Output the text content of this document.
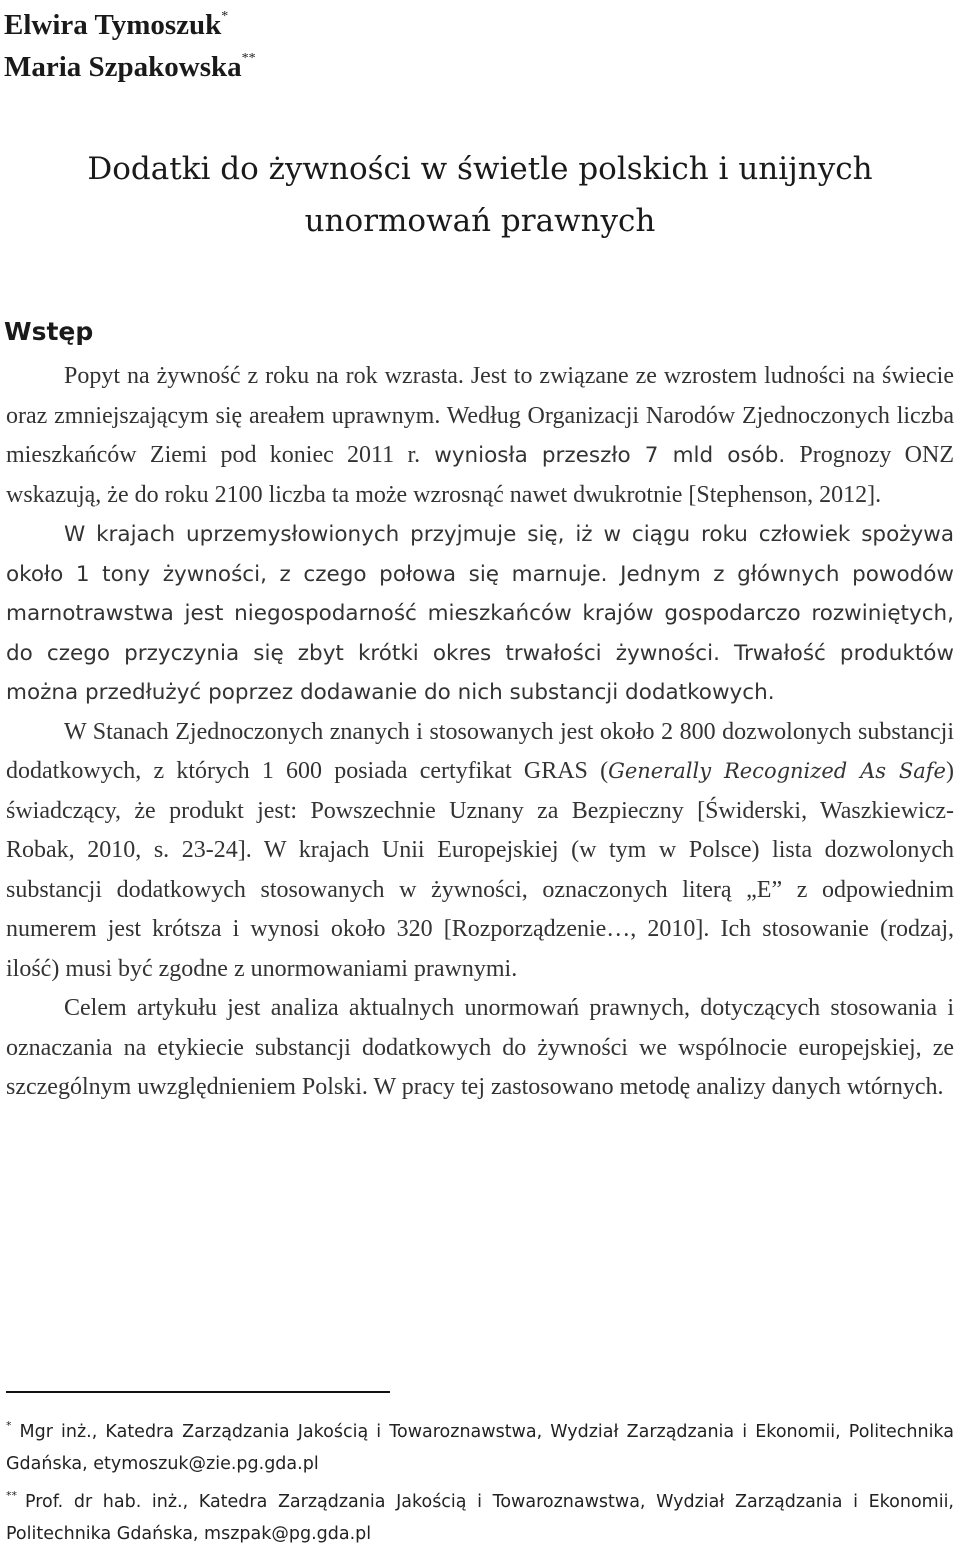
Elwira Tymoszuk*
Maria Szpakowska**
Dodatki do żywności w świetle polskich i unijnych
unormowań prawnych
Wstęp

Popyt na żywność z roku na rok wzrasta. Jest to związane ze wzrostem ludności na świecie oraz zmniejszającym się areałem uprawnym. Według Organizacji Narodów Zjednoczonych liczba mieszkańców Ziemi pod koniec 2011 r. wyniosła przeszło 7 mld osób. Prognozy ONZ wskazują, że do roku 2100 liczba ta może wzrosnąć nawet dwukrotnie [Stephenson, 2012].

W krajach uprzemysłowionych przyjmuje się, iż w ciągu roku człowiek spożywa około 1 tony żywności, z czego połowa się marnuje. Jednym z głównych powodów marnotrawstwa jest niegospodarność mieszkańców krajów gospodarczo rozwiniętych, do czego przyczynia się zbyt krótki okres trwałości żywności. Trwałość produktów można przedłużyć poprzez dodawanie do nich substancji dodatkowych.

W Stanach Zjednoczonych znanych i stosowanych jest około 2 800 dozwolonych substancji dodatkowych, z których 1 600 posiada certyfikat GRAS (Generally Recognized As Safe) świadczący, że produkt jest: Powszechnie Uznany za Bezpieczny [Świderski, Waszkiewicz-Robak, 2010, s. 23-24]. W krajach Unii Europejskiej (w tym w Polsce) lista dozwolonych substancji dodatkowych stosowanych w żywności, oznaczonych literą „E” z odpowiednim numerem jest krótsza i wynosi około 320 [Rozporządzenie…, 2010]. Ich stosowanie (rodzaj, ilość) musi być zgodne z unormowaniami prawnymi.

Celem artykułu jest analiza aktualnych unormowań prawnych, dotyczących stosowania i oznaczania na etykiecie substancji dodatkowych do żywności we wspólnocie europejskiej, ze szczególnym uwzględnieniem Polski. W pracy tej zastosowano metodę analizy danych wtórnych.

* Mgr inż., Katedra Zarządzania Jakością i Towaroznawstwa, Wydział Zarządzania i Ekonomii, Politechnika Gdańska, etymoszuk@zie.pg.gda.pl

** Prof. dr hab. inż., Katedra Zarządzania Jakością i Towaroznawstwa, Wydział Zarządzania i Ekonomii, Politechnika Gdańska, mszpak@pg.gda.pl
